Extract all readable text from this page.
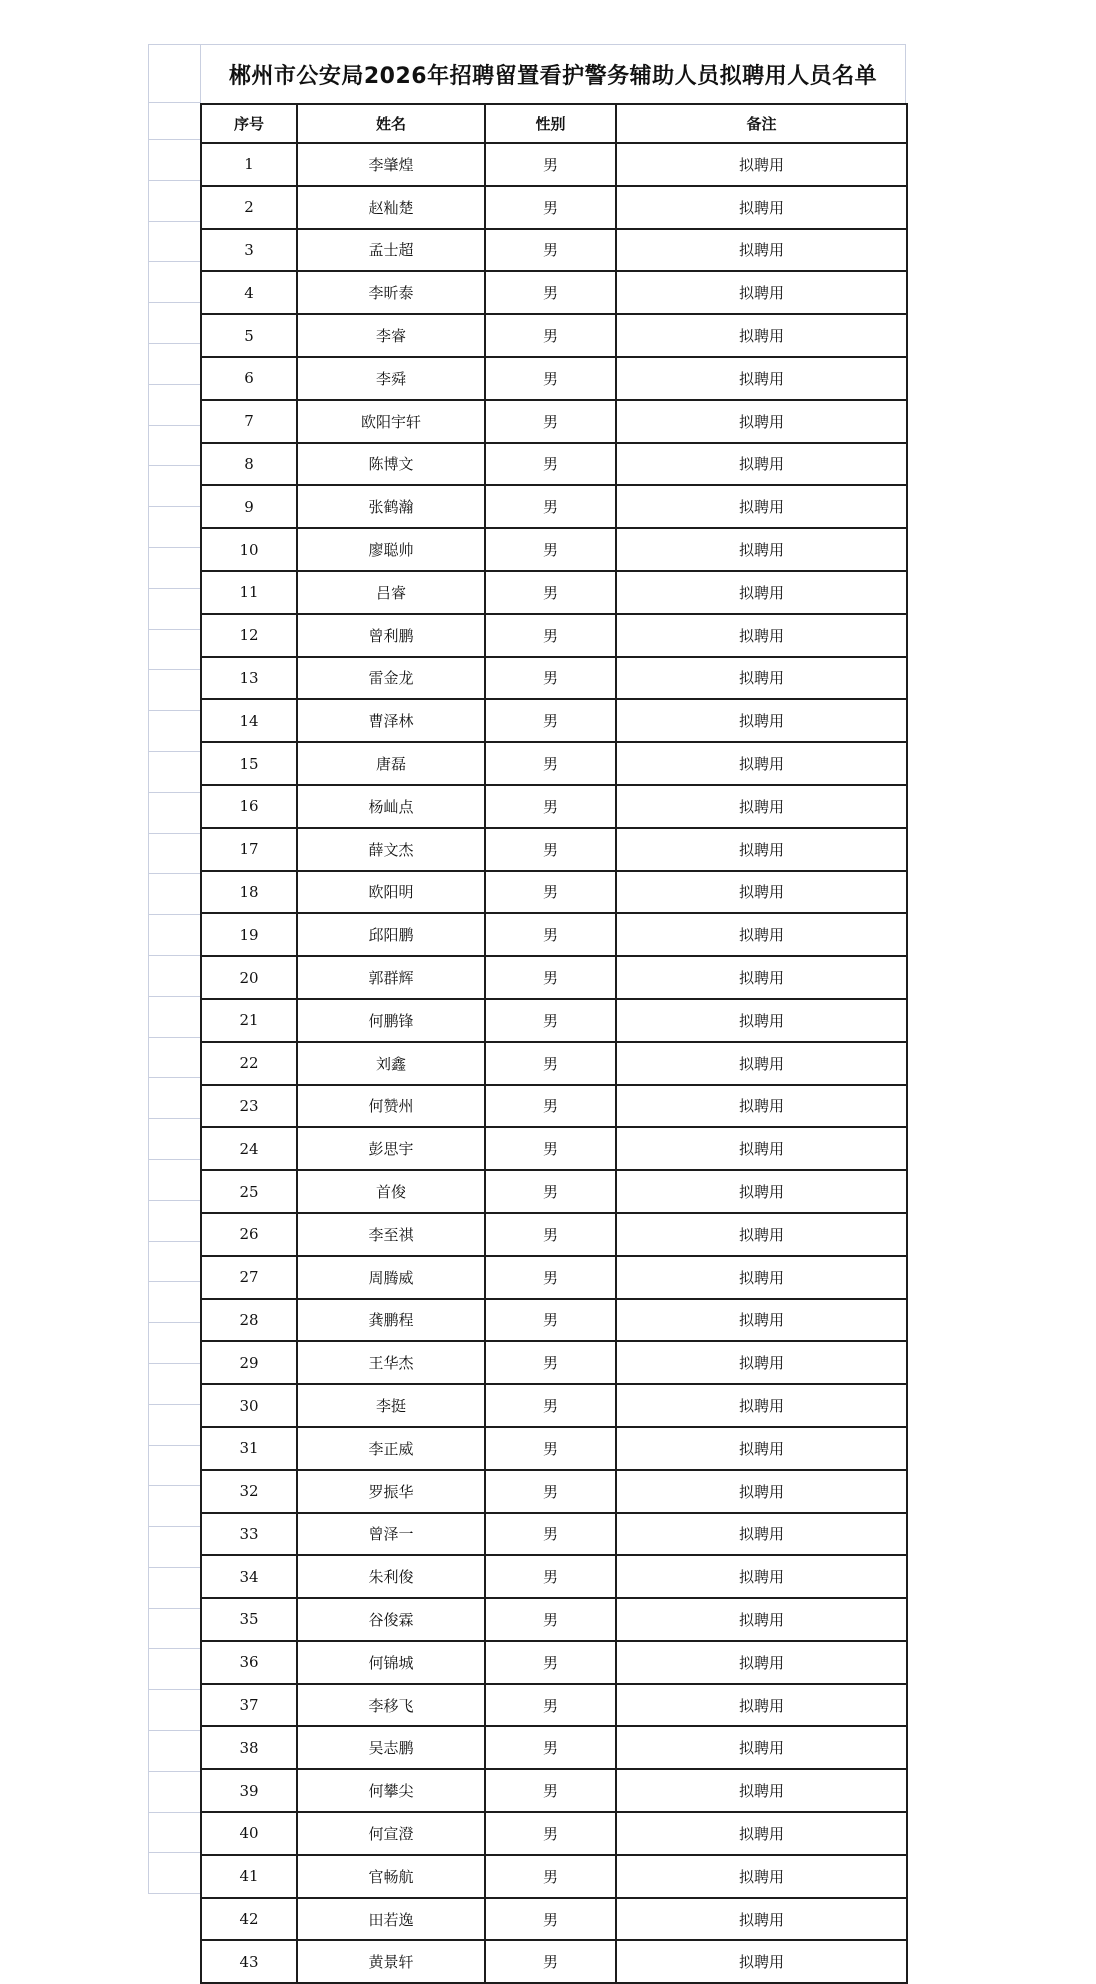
郴州市公安局2026年招聘留置看护警务辅助人员拟聘用人员名单
序号	姓名	性别	备注
1	李肇煌	男	拟聘用
2	赵籼楚	男	拟聘用
3	孟士超	男	拟聘用
4	李昕泰	男	拟聘用
5	李睿	男	拟聘用
6	李舜	男	拟聘用
7	欧阳宇轩	男	拟聘用
8	陈博文	男	拟聘用
9	张鹤瀚	男	拟聘用
10	廖聪帅	男	拟聘用
11	吕睿	男	拟聘用
12	曾利鹏	男	拟聘用
13	雷金龙	男	拟聘用
14	曹泽林	男	拟聘用
15	唐磊	男	拟聘用
16	杨屾点	男	拟聘用
17	薛文杰	男	拟聘用
18	欧阳明	男	拟聘用
19	邱阳鹏	男	拟聘用
20	郭群辉	男	拟聘用
21	何鹏锋	男	拟聘用
22	刘鑫	男	拟聘用
23	何赞州	男	拟聘用
24	彭思宇	男	拟聘用
25	首俊	男	拟聘用
26	李至祺	男	拟聘用
27	周腾威	男	拟聘用
28	龚鹏程	男	拟聘用
29	王华杰	男	拟聘用
30	李挺	男	拟聘用
31	李正威	男	拟聘用
32	罗振华	男	拟聘用
33	曾泽一	男	拟聘用
34	朱利俊	男	拟聘用
35	谷俊霖	男	拟聘用
36	何锦城	男	拟聘用
37	李移飞	男	拟聘用
38	吴志鹏	男	拟聘用
39	何攀尖	男	拟聘用
40	何宣澄	男	拟聘用
41	官畅航	男	拟聘用
42	田若逸	男	拟聘用
43	黄景轩	男	拟聘用
